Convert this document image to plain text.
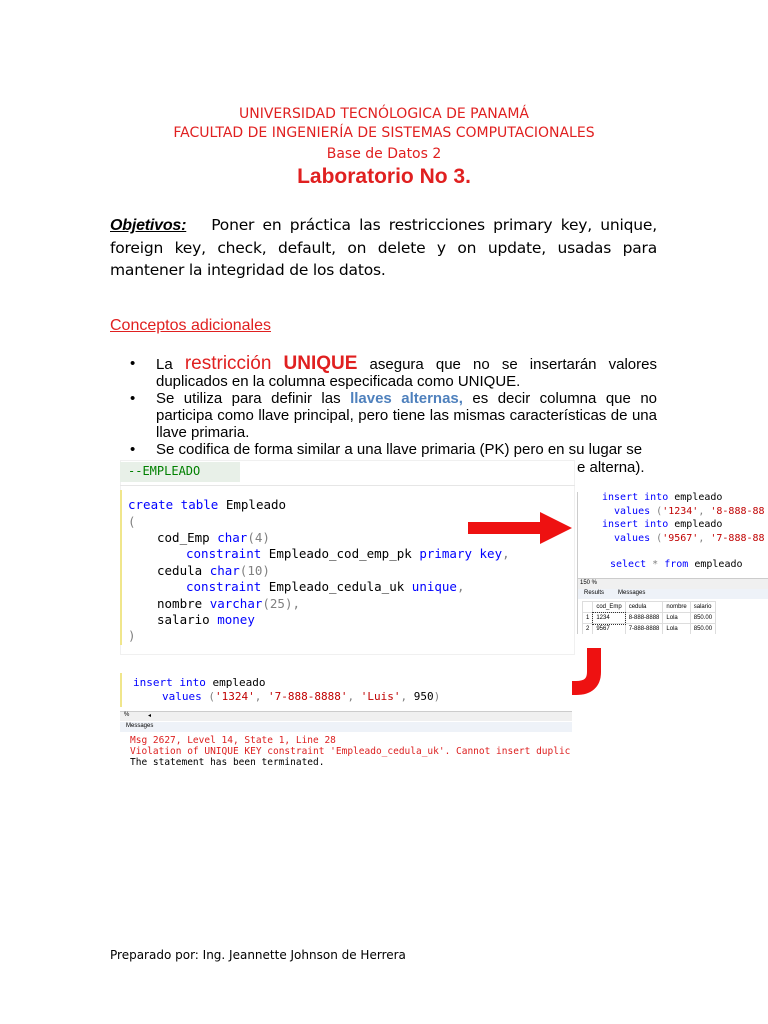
UNIVERSIDAD TECNÓLOGICA DE PANAMÁ
FACULTAD DE INGENIERÍA DE SISTEMAS COMPUTACIONALES
Base de Datos 2
Laboratorio No 3.
Objetivos: Poner en práctica las restricciones primary key, unique, foreign key, check, default, on delete y on update, usadas para mantener la integridad de los datos.
Conceptos adicionales
• La restricción UNIQUE asegura que no se insertarán valores duplicados en la columna especificada como UNIQUE.
• Se utiliza para definir las llaves alternas, es decir columna que no participa como llave principal, pero tiene las mismas características de una llave primaria.
• Se codifica de forma similar a una llave primaria (PK) pero en su lugar se
e alterna).
--EMPLEADO
create table Empleado
(
cod_Emp char(4)
constraint Empleado_cod_emp_pk primary key,
cedula char(10)
constraint Empleado_cedula_uk unique,
nombre varchar(25),
salario money
)
insert into empleado
values ('1234', '8-888-88
insert into empleado
values ('9567', '7-888-88
select * from empleado
150 %
Results Messages
	cod_Emp	cedula	nombre	salario
1	1234	8-888-8888	Lola	850.00
2	9567	7-888-8888	Lola	850.00
insert into empleado
values ('1324', '7-888-8888', 'Luis', 950)
%	◂
Messages
Msg 2627, Level 14, State 1, Line 28
Violation of UNIQUE KEY constraint 'Empleado_cedula_uk'. Cannot insert duplic
The statement has been terminated.
Preparado por: Ing. Jeannette Johnson de Herrera
